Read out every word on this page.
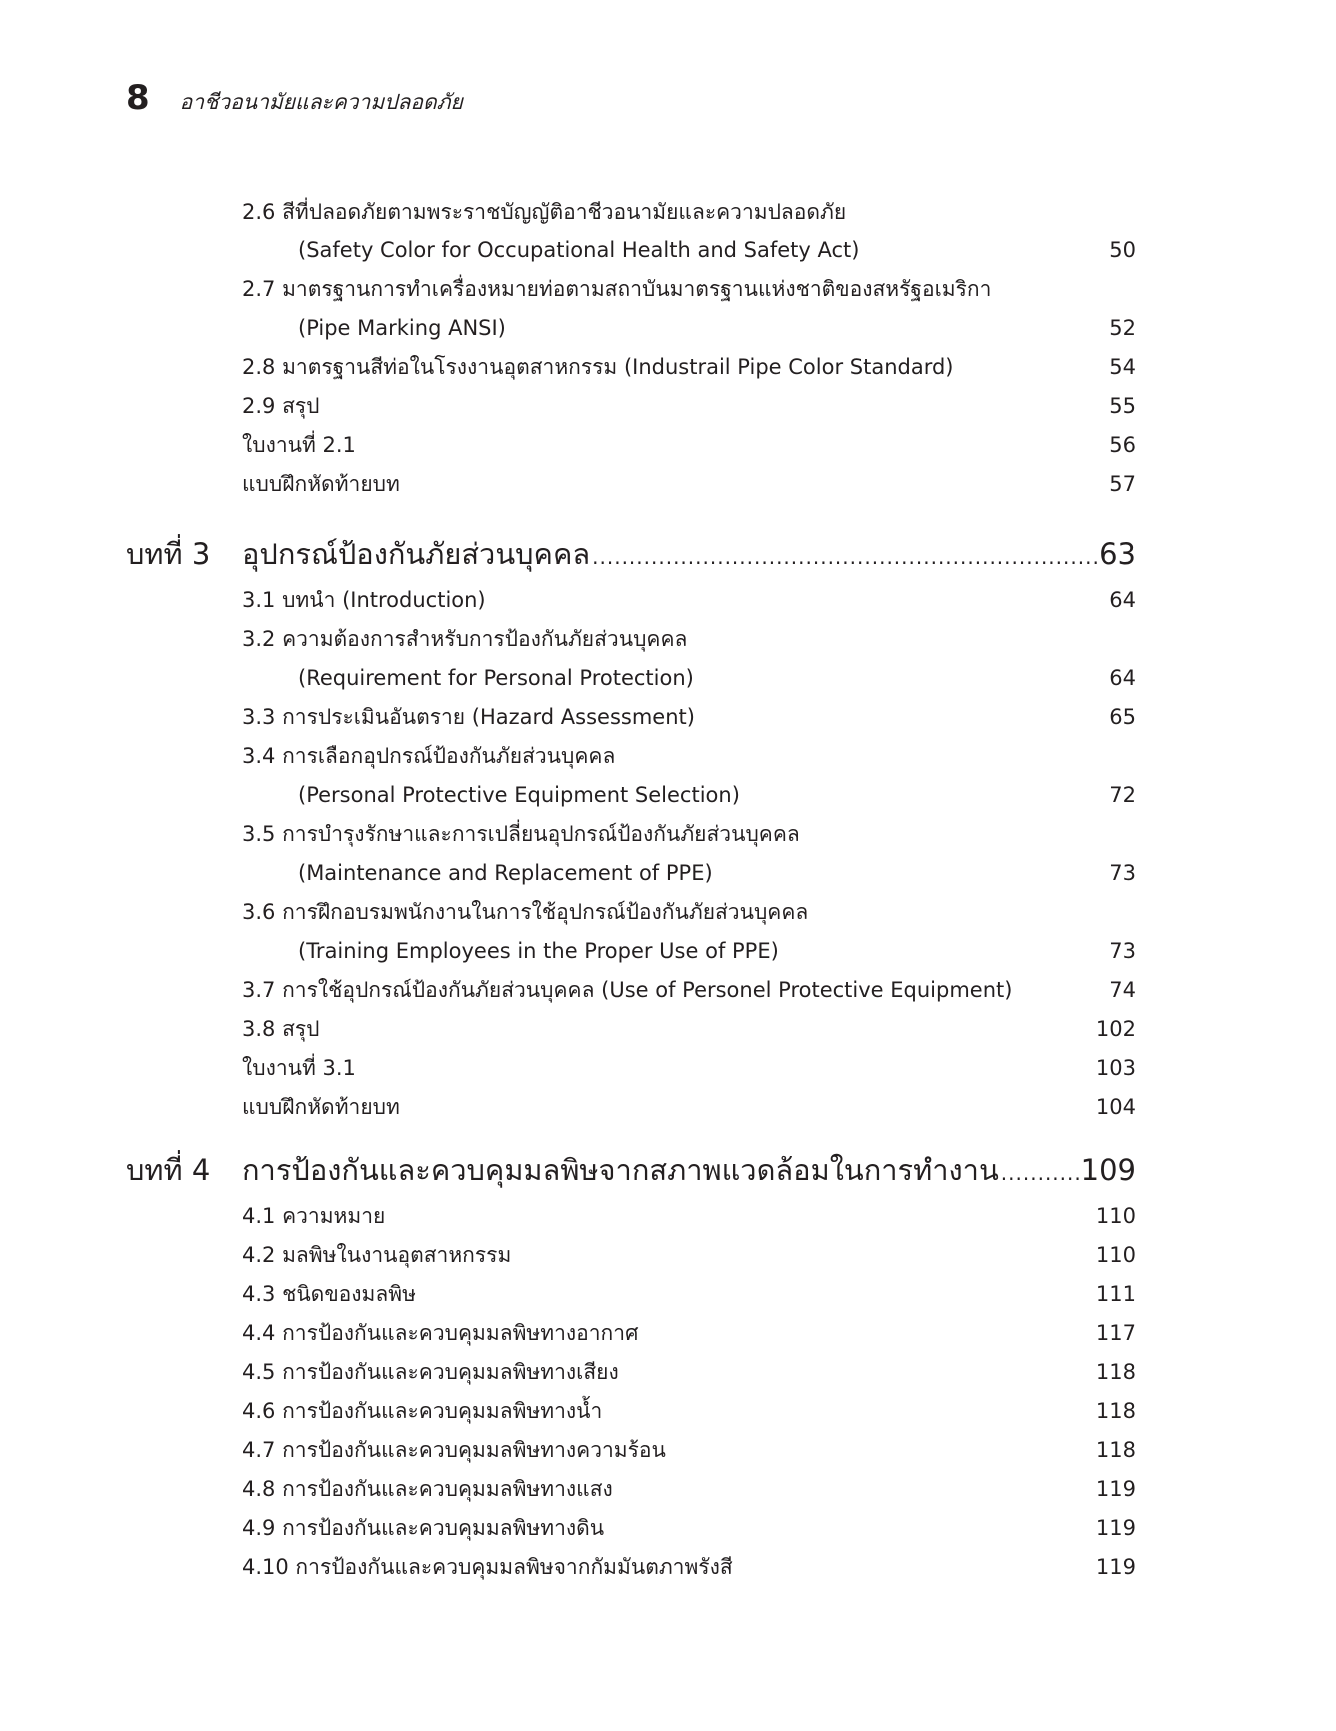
8 อาชีวอนามัยและความปลอดภัย
2.6 สีที่ปลอดภัยตามพระราชบัญญัติอาชีวอนามัยและความปลอดภัย
(Safety Color for Occupational Health and Safety Act)	50
2.7 มาตรฐานการทำเครื่องหมายท่อตามสถาบันมาตรฐานแห่งชาติของสหรัฐอเมริกา
(Pipe Marking ANSI)	52
2.8 มาตรฐานสีท่อในโรงงานอุตสาหกรรม (Industrail Pipe Color Standard)	54
2.9 สรุป	55
ใบงานที่ 2.1	56
แบบฝึกหัดท้ายบท	57
บทที่ 3 อุปกรณ์ป้องกันภัยส่วนบุคคล .....	63
3.1 บทนำ (Introduction)	64
3.2 ความต้องการสำหรับการป้องกันภัยส่วนบุคคล
(Requirement for Personal Protection)	64
3.3 การประเมินอันตราย (Hazard Assessment)	65
3.4 การเลือกอุปกรณ์ป้องกันภัยส่วนบุคคล
(Personal Protective Equipment Selection)	72
3.5 การบำรุงรักษาและการเปลี่ยนอุปกรณ์ป้องกันภัยส่วนบุคคล
(Maintenance and Replacement of PPE)	73
3.6 การฝึกอบรมพนักงานในการใช้อุปกรณ์ป้องกันภัยส่วนบุคคล
(Training Employees in the Proper Use of PPE)	73
3.7 การใช้อุปกรณ์ป้องกันภัยส่วนบุคคล (Use of Personel Protective Equipment)	74
3.8 สรุป	102
ใบงานที่ 3.1	103
แบบฝึกหัดท้ายบท	104
บทที่ 4 การป้องกันและควบคุมมลพิษจากสภาพแวดล้อมในการทำงาน .....	109
4.1 ความหมาย	110
4.2 มลพิษในงานอุตสาหกรรม	110
4.3 ชนิดของมลพิษ	111
4.4 การป้องกันและควบคุมมลพิษทางอากาศ	117
4.5 การป้องกันและควบคุมมลพิษทางเสียง	118
4.6 การป้องกันและควบคุมมลพิษทางน้ำ	118
4.7 การป้องกันและควบคุมมลพิษทางความร้อน	118
4.8 การป้องกันและควบคุมมลพิษทางแสง	119
4.9 การป้องกันและควบคุมมลพิษทางดิน	119
4.10 การป้องกันและควบคุมมลพิษจากกัมมันตภาพรังสี	119
